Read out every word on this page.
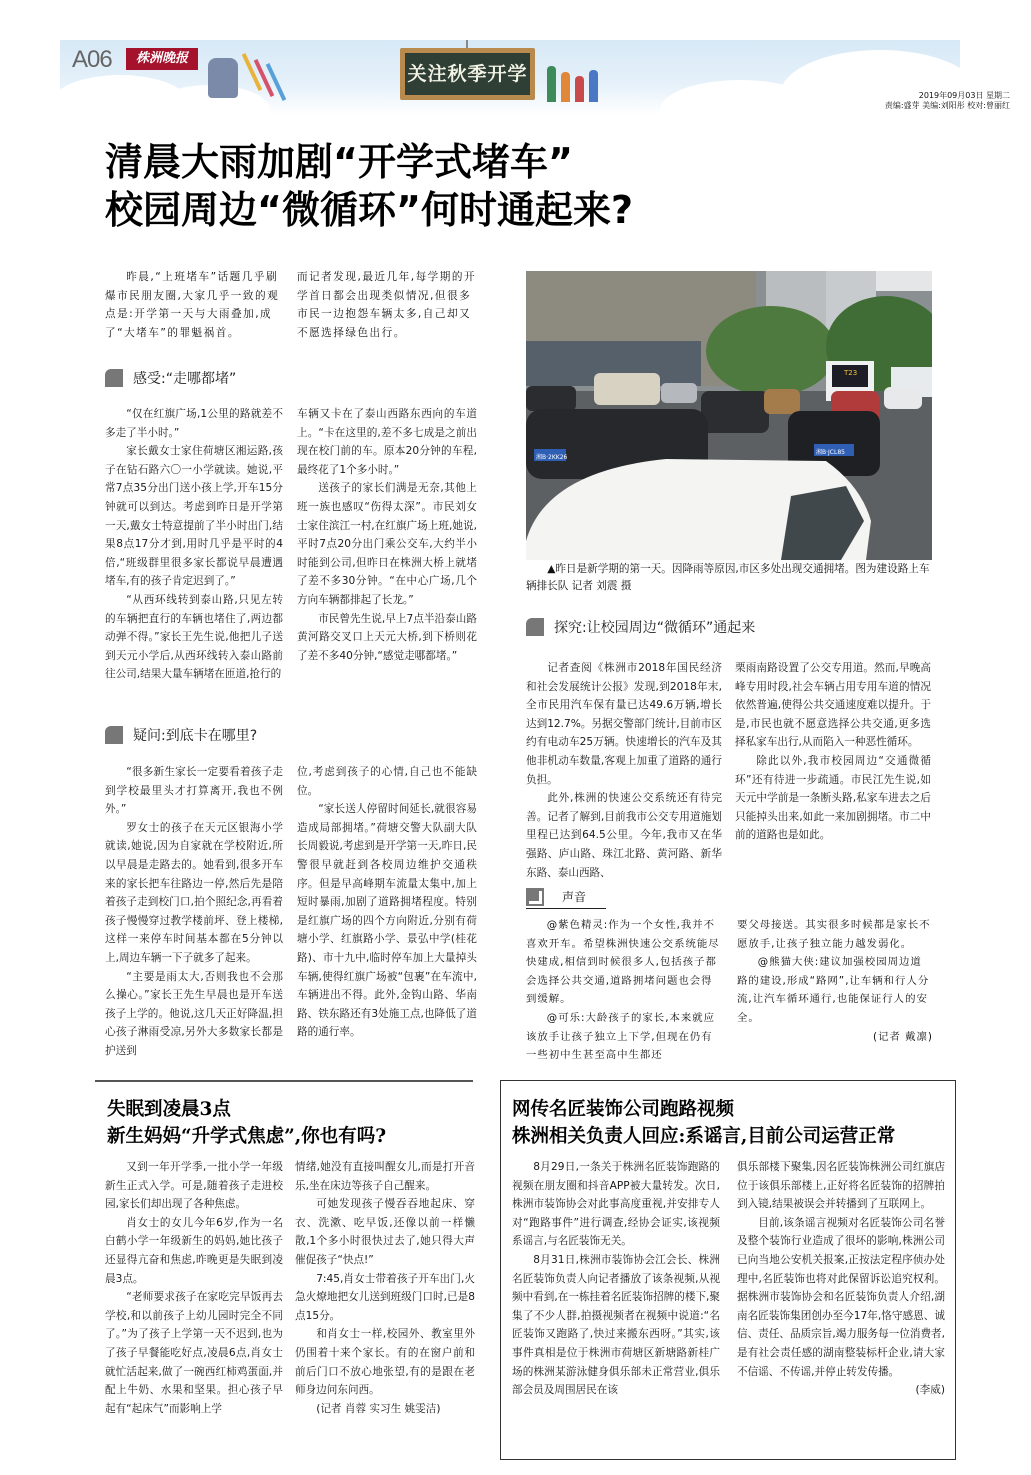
A06	株洲晚报
关注秋季开学
2019年09月03日 星期二
责编:盛芽 美编:刘阳彤 校对:曾丽红
清晨大雨加剧“开学式堵车”
校园周边“微循环”何时通起来?

昨晨,“上班堵车”话题几乎刷爆市民朋友圈,大家几乎一致的观点是:开学第一天与大雨叠加,成了“大堵车”的罪魁祸首。

而记者发现,最近几年,每学期的开学首日都会出现类似情况,但很多市民一边抱怨车辆太多,自己却又不愿选择绿色出行。

感受:“走哪都堵”

“仅在红旗广场,1公里的路就差不多走了半小时。”

家长戴女士家住荷塘区湘运路,孩子在钻石路六〇一小学就读。她说,平常7点35分出门送小孩上学,开车15分钟就可以到达。考虑到昨日是开学第一天,戴女士特意提前了半小时出门,结果8点17分才到,用时几乎是平时的4倍,“班级群里很多家长都说早晨遭遇堵车,有的孩子肯定迟到了。”

“从西环线转到泰山路,只见左转的车辆把直行的车辆也堵住了,两边都动弹不得。”家长王先生说,他把儿子送到天元小学后,从西环线转入泰山路前往公司,结果大量车辆堵在匝道,抢行的

车辆又卡在了泰山西路东西向的车道上。“卡在这里的,差不多七成是之前出现在校门前的车。原本20分钟的车程,最终花了1个多小时。”

送孩子的家长们满是无奈,其他上班一族也感叹“伤得太深”。市民刘女士家住滨江一村,在红旗广场上班,她说,平时7点20分出门乘公交车,大约半小时能到公司,但昨日在株洲大桥上就堵了差不多30分钟。“在中心广场,几个方向车辆都排起了长龙。”

市民曾先生说,早上7点半沿泰山路黄河路交叉口上天元大桥,到下桥则花了差不多40分钟,“感觉走哪都堵。”

疑问:到底卡在哪里?

“很多新生家长一定要看着孩子走到学校最里头才打算离开,我也不例外。”

罗女士的孩子在天元区银海小学就读,她说,因为自家就在学校附近,所以早晨是走路去的。她看到,很多开车来的家长把车往路边一停,然后先是陪着孩子走到校门口,拍个照纪念,再看着孩子慢慢穿过教学楼前坪、登上楼梯,这样一来停车时间基本都在5分钟以上,周边车辆一下子就多了起来。

“主要是雨太大,否则我也不会那么操心。”家长王先生早晨也是开车送孩子上学的。他说,这几天正好降温,担心孩子淋雨受凉,另外大多数家长都是护送到

位,考虑到孩子的心情,自己也不能缺位。

“家长送人停留时间延长,就很容易造成局部拥堵。”荷塘交警大队副大队长周毅说,考虑到是开学第一天,昨日,民警很早就赶到各校周边维护交通秩序。但是早高峰期车流量太集中,加上短时暴雨,加剧了道路拥堵程度。特别是红旗广场的四个方向附近,分别有荷塘小学、红旗路小学、景弘中学(桂花路)、市十九中,临时停车加上大量掉头车辆,使得红旗广场被“包裹”在车流中,车辆进出不得。此外,金钩山路、华南路、铁东路还有3处施工点,也降低了道路的通行率。

T23
湘B·2KK26
湘B·JCL85
▲昨日是新学期的第一天。因降雨等原因,市区多处出现交通拥堵。图为建设路上车辆排长队 记者 刘震 摄
探究:让校园周边“微循环”通起来

记者查阅《株洲市2018年国民经济和社会发展统计公报》发现,到2018年末,全市民用汽车保有量已达49.6万辆,增长达到12.7%。另据交警部门统计,目前市区约有电动车25万辆。快速增长的汽车及其他非机动车数量,客观上加重了道路的通行负担。

此外,株洲的快速公交系统还有待完善。记者了解到,目前我市公交专用道施划里程已达到64.5公里。今年,我市又在华强路、庐山路、珠江北路、黄河路、新华东路、泰山西路、

栗雨南路设置了公交专用道。然而,早晚高峰专用时段,社会车辆占用专用车道的情况依然普遍,使得公共交通速度难以提升。于是,市民也就不愿意选择公共交通,更多选择私家车出行,从而陷入一种恶性循环。

除此以外,我市校园周边“交通微循环”还有待进一步疏通。市民江先生说,如天元中学前是一条断头路,私家车进去之后只能掉头出来,如此一来加剧拥堵。市二中前的道路也是如此。

声音

@紫色精灵:作为一个女性,我并不喜欢开车。希望株洲快速公交系统能尽快建成,相信到时候很多人,包括孩子都会选择公共交通,道路拥堵问题也会得到缓解。

@可乐:大龄孩子的家长,本来就应该放手让孩子独立上下学,但现在仍有一些初中生甚至高中生都还

要父母接送。其实很多时候都是家长不愿放手,让孩子独立能力越发弱化。

@熊猫大侠:建议加强校园周边道路的建设,形成“路网”,让车辆和行人分流,让汽车循环通行,也能保证行人的安全。

(记者 戴凛)

失眠到凌晨3点
新生妈妈“升学式焦虑”,你也有吗?

又到一年开学季,一批小学一年级新生正式入学。可是,随着孩子走进校园,家长们却出现了各种焦虑。

肖女士的女儿今年6岁,作为一名白鹤小学一年级新生的妈妈,她比孩子还显得亢奋和焦虑,昨晚更是失眠到凌晨3点。

“老师要求孩子在家吃完早饭再去学校,和以前孩子上幼儿园时完全不同了。”为了孩子上学第一天不迟到,也为了孩子早餐能吃好点,凌晨6点,肖女士就忙活起来,做了一碗西红柿鸡蛋面,并配上牛奶、水果和坚果。担心孩子早起有“起床气”而影响上学

情绪,她没有直接叫醒女儿,而是打开音乐,坐在床边等孩子自己醒来。

可她发现孩子慢吞吞地起床、穿衣、洗漱、吃早饭,还像以前一样懒散,1个多小时很快过去了,她只得大声催促孩子“快点!”

7:45,肖女士带着孩子开车出门,火急火燎地把女儿送到班级门口时,已是8点15分。

和肖女士一样,校园外、教室里外仍围着十来个家长。有的在窗户前和前后门口不放心地张望,有的是跟在老师身边问东问西。

(记者 肖蓉 实习生 姚雯洁)

网传名匠装饰公司跑路视频
株洲相关负责人回应:系谣言,目前公司运营正常

8月29日,一条关于株洲名匠装饰跑路的视频在朋友圈和抖音APP被大量转发。次日,株洲市装饰协会对此事高度重视,并安排专人对“跑路事件”进行调查,经协会证实,该视频系谣言,与名匠装饰无关。

8月31日,株洲市装饰协会江会长、株洲名匠装饰负责人向记者播放了该条视频,从视频中看到,在一栋挂着名匠装饰招牌的楼下,聚集了不少人群,拍摄视频者在视频中说道:“名匠装饰又跑路了,快过来搬东西呀。”其实,该事件真相是位于株洲市荷塘区新塘路新桂广场的株洲某游泳健身俱乐部未正常营业,俱乐部会员及周围居民在该

俱乐部楼下聚集,因名匠装饰株洲公司红旗店位于该俱乐部楼上,正好将名匠装饰的招牌拍到入镜,结果被误会并转播到了互联网上。

目前,该条谣言视频对名匠装饰公司名誉及整个装饰行业造成了很坏的影响,株洲公司已向当地公安机关报案,正按法定程序侦办处理中,名匠装饰也将对此保留诉讼追究权利。据株洲市装饰协会和名匠装饰负责人介绍,湖南名匠装饰集团创办至今17年,恪守感恩、诚信、责任、品质宗旨,竭力服务每一位消费者,是有社会责任感的湖南整装标杆企业,请大家不信谣、不传谣,并停止转发传播。

(李威)
